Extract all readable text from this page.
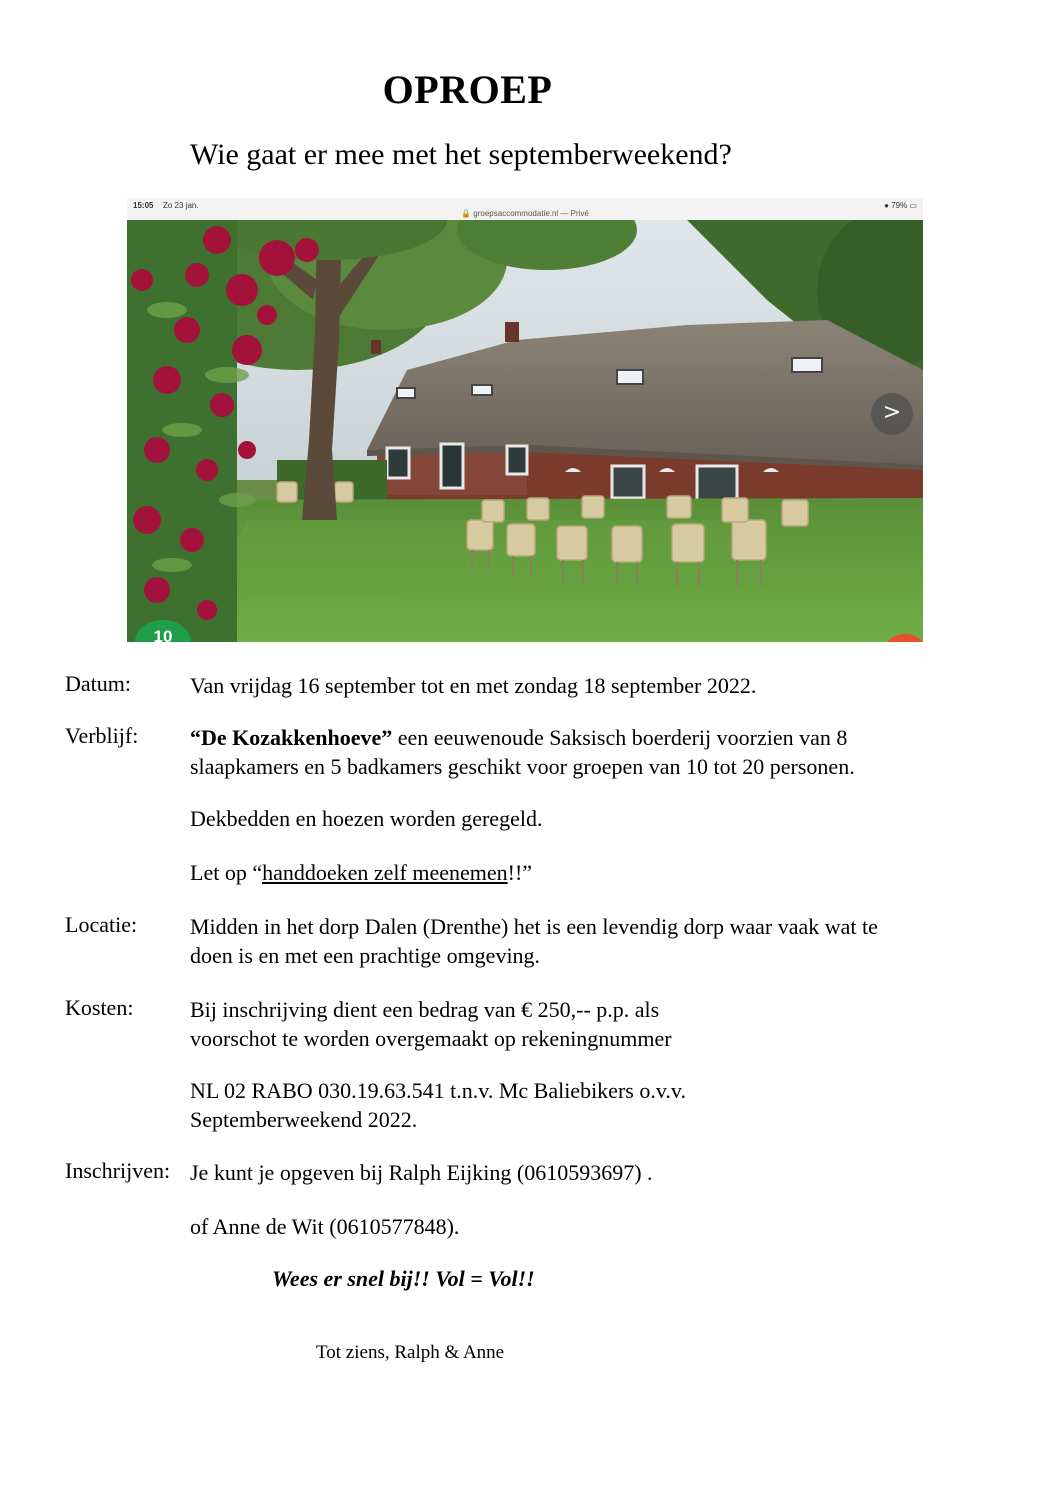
OPROEP
Wie gaat er mee met het septemberweekend?
15:05 Zo 23 jan.
🔒 groepsaccommodatie.nl — Privé
● 79% ▭
>
10
Datum:	Van vrijdag 16 september tot en met zondag 18 september 2022.
Verblijf: “De Kozakkenhoeve” een eeuwenoude Saksisch boerderij voorzien van 8
slaapkamers en 5 badkamers geschikt voor groepen van 10 tot 20 personen.
Dekbedden en hoezen worden geregeld.
Let op “handdoeken zelf meenemen!!”
Locatie: Midden in het dorp Dalen (Drenthe) het is een levendig dorp waar vaak wat te
doen is en met een prachtige omgeving.
Kosten:	Bij inschrijving dient een bedrag van € 250,-- p.p. als
voorschot te worden overgemaakt op rekeningnummer
NL 02 RABO 030.19.63.541 t.n.v. Mc Baliebikers o.v.v.
Septemberweekend 2022.
Inschrijven: Je kunt je opgeven bij Ralph Eijking (0610593697) .
of Anne de Wit (0610577848).
Wees er snel bij!! Vol = Vol!!
Tot ziens, Ralph & Anne
